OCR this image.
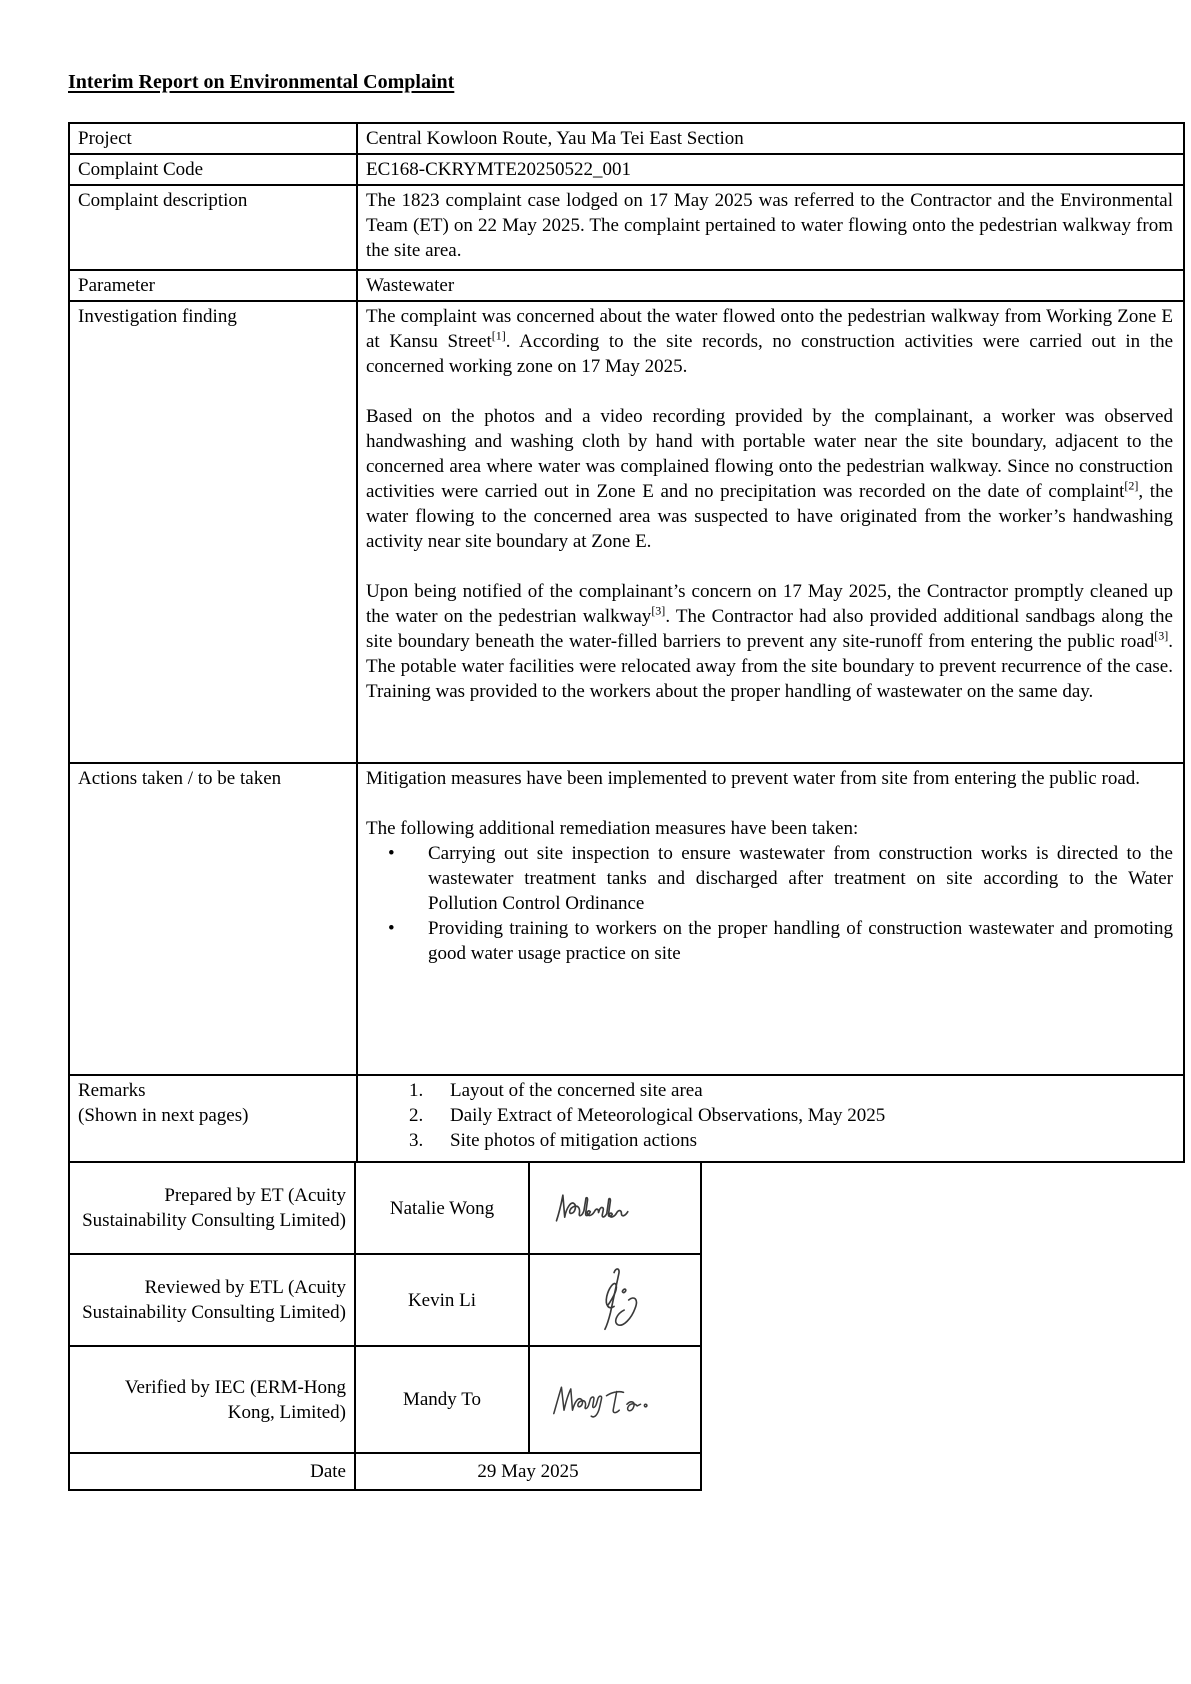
Interim Report on Environmental Complaint
Project	Central Kowloon Route, Yau Ma Tei East Section
Complaint Code	EC168-CKRYMTE20250522_001
Complaint description	The 1823 complaint case lodged on 17 May 2025 was referred to the Contractor and the Environmental Team (ET) on 22 May 2025. The complaint pertained to water flowing onto the pedestrian walkway from the site area.
Parameter	Wastewater
Investigation finding	The complaint was concerned about the water flowed onto the pedestrian walkway from Working Zone E at Kansu Street[1]. According to the site records, no construction activities were carried out in the concerned working zone on 17 May 2025.

Based on the photos and a video recording provided by the complainant, a worker was observed handwashing and washing cloth by hand with portable water near the site boundary, adjacent to the concerned area where water was complained flowing onto the pedestrian walkway. Since no construction activities were carried out in Zone E and no precipitation was recorded on the date of complaint[2], the water flowing to the concerned area was suspected to have originated from the worker’s handwashing activity near site boundary at Zone E.

Upon being notified of the complainant’s concern on 17 May 2025, the Contractor promptly cleaned up the water on the pedestrian walkway[3]. The Contractor had also provided additional sandbags along the site boundary beneath the water-filled barriers to prevent any site-runoff from entering the public road[3]. The potable water facilities were relocated away from the site boundary to prevent recurrence of the case. Training was provided to the workers about the proper handling of wastewater on the same day.

Actions taken / to be taken	Mitigation measures have been implemented to prevent water from site from entering the public road.

The following additional remediation measures have been taken:

• Carrying out site inspection to ensure wastewater from construction works is directed to the wastewater treatment tanks and discharged after treatment on site according to the Water Pollution Control Ordinance
• Providing training to workers on the proper handling of construction wastewater and promoting good water usage practice on site

Remarks
(Shown in next pages)

Layout of the concerned site area
Daily Extract of Meteorological Observations, May 2025
Site photos of mitigation actions
Prepared by ET (Acuity Sustainability Consulting Limited)	Natalie Wong	
Reviewed by ETL (Acuity Sustainability Consulting Limited)	Kevin Li	
Verified by IEC (ERM-Hong Kong, Limited)	Mandy To	
Date	29 May 2025	
